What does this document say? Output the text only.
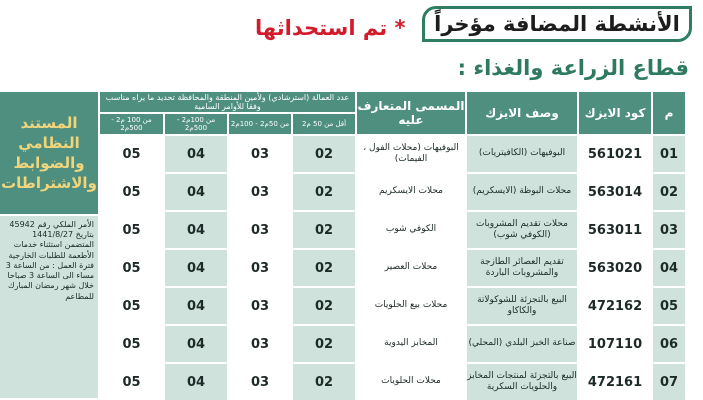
الأنشطة المضافة مؤخراً
* تم استحداثها
قطاع الزراعة والغذاء :
م
كود الايزك
وصف الايزك
المسمى المتعارف عليه
عدد العمالة (استرشادي) ولأمين المنطقة والمحافظة تحديد ما يراه مناسب وفقا للأوامر السامية
أقل من 50 م2
من 50م2 - 100م2
من 100م2 - 500م2
من 100 م2 - 500م2
المستند النظامي والضوابط والاشتراطات
الأمر الملكي رقم 45942 بتاريخ 1441/8/27 المتضمن استثناء خدمات الأطعمة للطلبات الخارجية فترة العمل : من الساعة 3 مساء الى الساعة 3 صباحا خلال شهر رمضان المبارك للمطاعم
01
561021
البوفيهات (الكافيتريات)
البوفيهات (محلات الفول ، الفيمات)
02
03
04
05
02
563014
محلات البوظة (الايسكريم)
محلات الايسكريم
02
03
04
05
03
563011
محلات تقديم المشروبات (الكوفي شوب)
الكوفي شوب
02
03
04
05
04
563020
تقديم العصائر الطازجة والمشروبات الباردة
محلات العصير
02
03
04
05
05
472162
البيع بالتجزئة للشوكولاتة والكاكاو
محلات بيع الحلويات
02
03
04
05
06
107110
صناعة الخبز البلدي (المحلي)
المخابز اليدوية
02
03
04
05
07
472161
البيع بالتجزئة لمنتجات المخابز والحلويات السكرية
محلات الحلويات
02
03
04
05
